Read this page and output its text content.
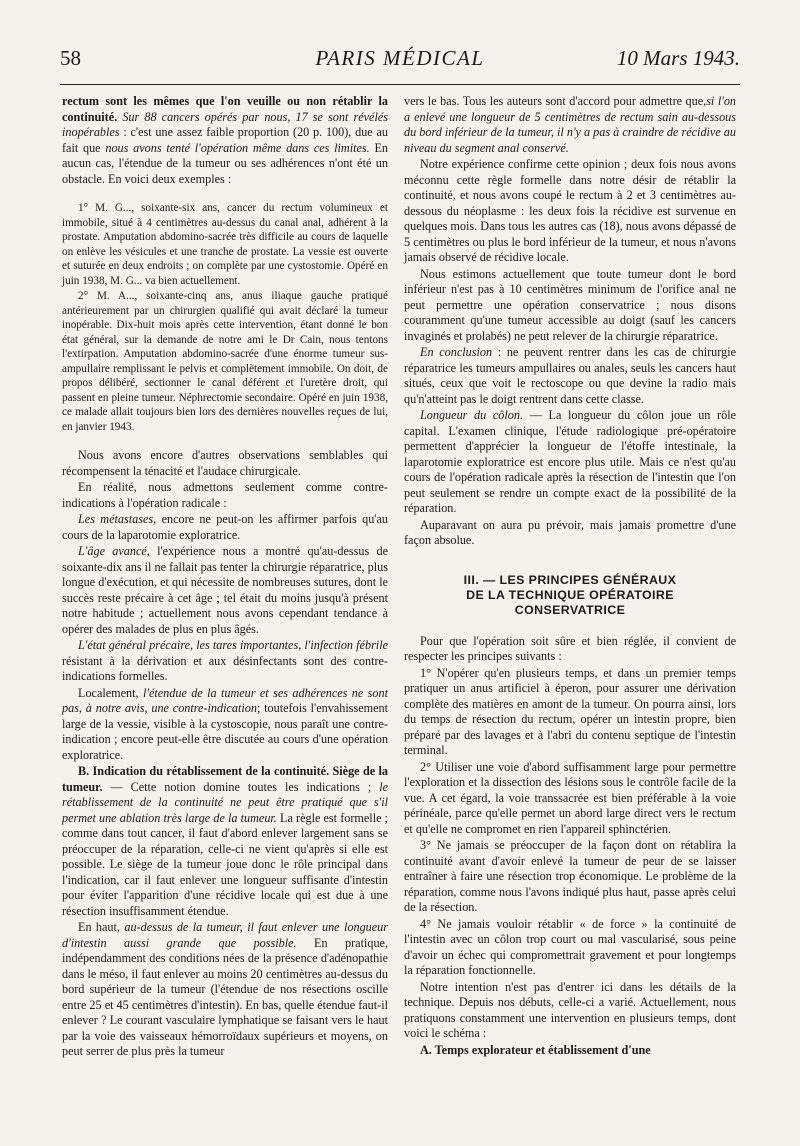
58	PARIS MÉDICAL	10 Mars 1943.

rectum sont les mêmes que l'on veuille ou non rétablir la continuité. Sur 88 cancers opérés par nous, 17 se sont révélés inopérables : c'est une assez faible proportion (20 p. 100), due au fait que nous avons tenté l'opération même dans ces limites. En aucun cas, l'étendue de la tumeur ou ses adhérences n'ont été un obstacle. En voici deux exemples :

1° M. G..., soixante-six ans, cancer du rectum volumineux et immobile, situé à 4 centimètres au-dessus du canal anal, adhérent à la prostate. Amputation abdomino-sacrée très difficile au cours de laquelle on enlève les vésicules et une tranche de prostate. La vessie est ouverte et suturée en deux endroits ; on complète par une cystostomie. Opéré en juin 1938, M. G... va bien actuellement.

2° M. A..., soixante-cinq ans, anus iliaque gauche pratiqué antérieurement par un chirurgien qualifié qui avait déclaré la tumeur inopérable. Dix-huit mois après cette intervention, étant donné le bon état général, sur la demande de notre ami le Dr Cain, nous tentons l'extirpation. Amputation abdomino-sacrée d'une énorme tumeur sus-ampullaire remplissant le pelvis et complètement immobile. On doit, de propos délibéré, sectionner le canal déférent et l'uretère droit, qui passent en pleine tumeur. Néphrectomie secondaire. Opéré en juin 1938, ce malade allait toujours bien lors des dernières nouvelles reçues de lui, en janvier 1943.

Nous avons encore d'autres observations semblables qui récompensent la ténacité et l'audace chirurgicale.

En réalité, nous admettons seulement comme contre-indications à l'opération radicale :

Les métastases, encore ne peut-on les affirmer parfois qu'au cours de la laparotomie exploratrice.

L'âge avancé, l'expérience nous a montré qu'au-dessus de soixante-dix ans il ne fallait pas tenter la chirurgie réparatrice, plus longue d'exécution, et qui nécessite de nombreuses sutures, dont le succès reste précaire à cet âge ; tel était du moins jusqu'à présent notre habitude ; actuellement nous avons cependant tendance à opérer des malades de plus en plus âgés.

L'état général précaire, les tares importantes, l'infection fébrile résistant à la dérivation et aux désinfectants sont des contre-indications formelles.

Localement, l'étendue de la tumeur et ses adhérences ne sont pas, à notre avis, une contre-indication; toutefois l'envahissement large de la vessie, visible à la cystoscopie, nous paraît une contre-indication ; encore peut-elle être discutée au cours d'une opération exploratrice.

B. Indication du rétablissement de la continuité. Siège de la tumeur. — Cette notion domine toutes les indications ; le rétablissement de la continuité ne peut être pratiqué que s'il permet une ablation très large de la tumeur. La règle est formelle ; comme dans tout cancer, il faut d'abord enlever largement sans se préoccuper de la réparation, celle-ci ne vient qu'après si elle est possible. Le siège de la tumeur joue donc le rôle principal dans l'indication, car il faut enlever une longueur suffisante d'intestin pour éviter l'apparition d'une récidive locale qui est due à une résection insuffisamment étendue.

En haut, au-dessus de la tumeur, il faut enlever une longueur d'intestin aussi grande que possible. En pratique, indépendamment des conditions nées de la présence d'adénopathie dans le méso, il faut enlever au moins 20 centimètres au-dessus du bord supérieur de la tumeur (l'étendue de nos résections oscille entre 25 et 45 centimètres d'intestin). En bas, quelle étendue faut-il enlever ? Le courant vasculaire lymphatique se faisant vers le haut par la voie des vaisseaux hémorroïdaux supérieurs et moyens, on peut serrer de plus près la tumeur

vers le bas. Tous les auteurs sont d'accord pour admettre que,si l'on a enlevé une longueur de 5 centimètres de rectum sain au-dessous du bord inférieur de la tumeur, il n'y a pas à craindre de récidive au niveau du segment anal conservé.

Notre expérience confirme cette opinion ; deux fois nous avons méconnu cette règle formelle dans notre désir de rétablir la continuité, et nous avons coupé le rectum à 2 et 3 centimètres au-dessous du néoplasme : les deux fois la récidive est survenue en quelques mois. Dans tous les autres cas (18), nous avons dépassé de 5 centimètres ou plus le bord inférieur de la tumeur, et nous n'avons jamais observé de récidive locale.

Nous estimons actuellement que toute tumeur dont le bord inférieur n'est pas à 10 centimètres minimum de l'orifice anal ne peut permettre une opération conservatrice ; nous disons couramment qu'une tumeur accessible au doigt (sauf les cancers invaginés et prolabés) ne peut relever de la chirurgie réparatrice.

En conclusion : ne peuvent rentrer dans les cas de chirurgie réparatrice les tumeurs ampullaires ou anales, seuls les cancers haut situés, ceux que voit le rectoscope ou que devine la radio mais qu'n'atteint pas le doigt rentrent dans cette classe.

Longueur du côlon. — La longueur du côlon joue un rôle capital. L'examen clinique, l'étude radiologique pré-opératoire permettent d'apprécier la longueur de l'étoffe intestinale, la laparotomie exploratrice est encore plus utile. Mais ce n'est qu'au cours de l'opération radicale après la résection de l'intestin que l'on peut seulement se rendre un compte exact de la possibilité de la réparation.

Auparavant on aura pu prévoir, mais jamais promettre d'une façon absolue.

III. — LES PRINCIPES GÉNÉRAUX
DE LA TECHNIQUE OPÉRATOIRE
CONSERVATRICE

Pour que l'opération soit sûre et bien réglée, il convient de respecter les principes suivants :

1° N'opérer qu'en plusieurs temps, et dans un premier temps pratiquer un anus artificiel à éperon, pour assurer une dérivation complète des matières en amont de la tumeur. On pourra ainsi, lors du temps de résection du rectum, opérer un intestin propre, bien préparé par des lavages et à l'abri du contenu septique de l'intestin terminal.

2° Utiliser une voie d'abord suffisamment large pour permettre l'exploration et la dissection des lésions sous le contrôle facile de la vue. A cet égard, la voie transsacrée est bien préférable à la voie périnéale, parce qu'elle permet un abord large direct vers le rectum et qu'elle ne compromet en rien l'appareil sphinctérien.

3° Ne jamais se préoccuper de la façon dont on rétablira la continuité avant d'avoir enlevé la tumeur de peur de se laisser entraîner à faire une résection trop économique. Le problème de la réparation, comme nous l'avons indiqué plus haut, passe après celui de la résection.

4° Ne jamais vouloir rétablir « de force » la continuité de l'intestin avec un côlon trop court ou mal vascularisé, sous peine d'avoir un échec qui compromettrait gravement et pour longtemps la réparation fonctionnelle.

Notre intention n'est pas d'entrer ici dans les détails de la technique. Depuis nos débuts, celle-ci a varié. Actuellement, nous pratiquons constamment une intervention en plusieurs temps, dont voici le schéma :

A. Temps explorateur et établissement d'une
